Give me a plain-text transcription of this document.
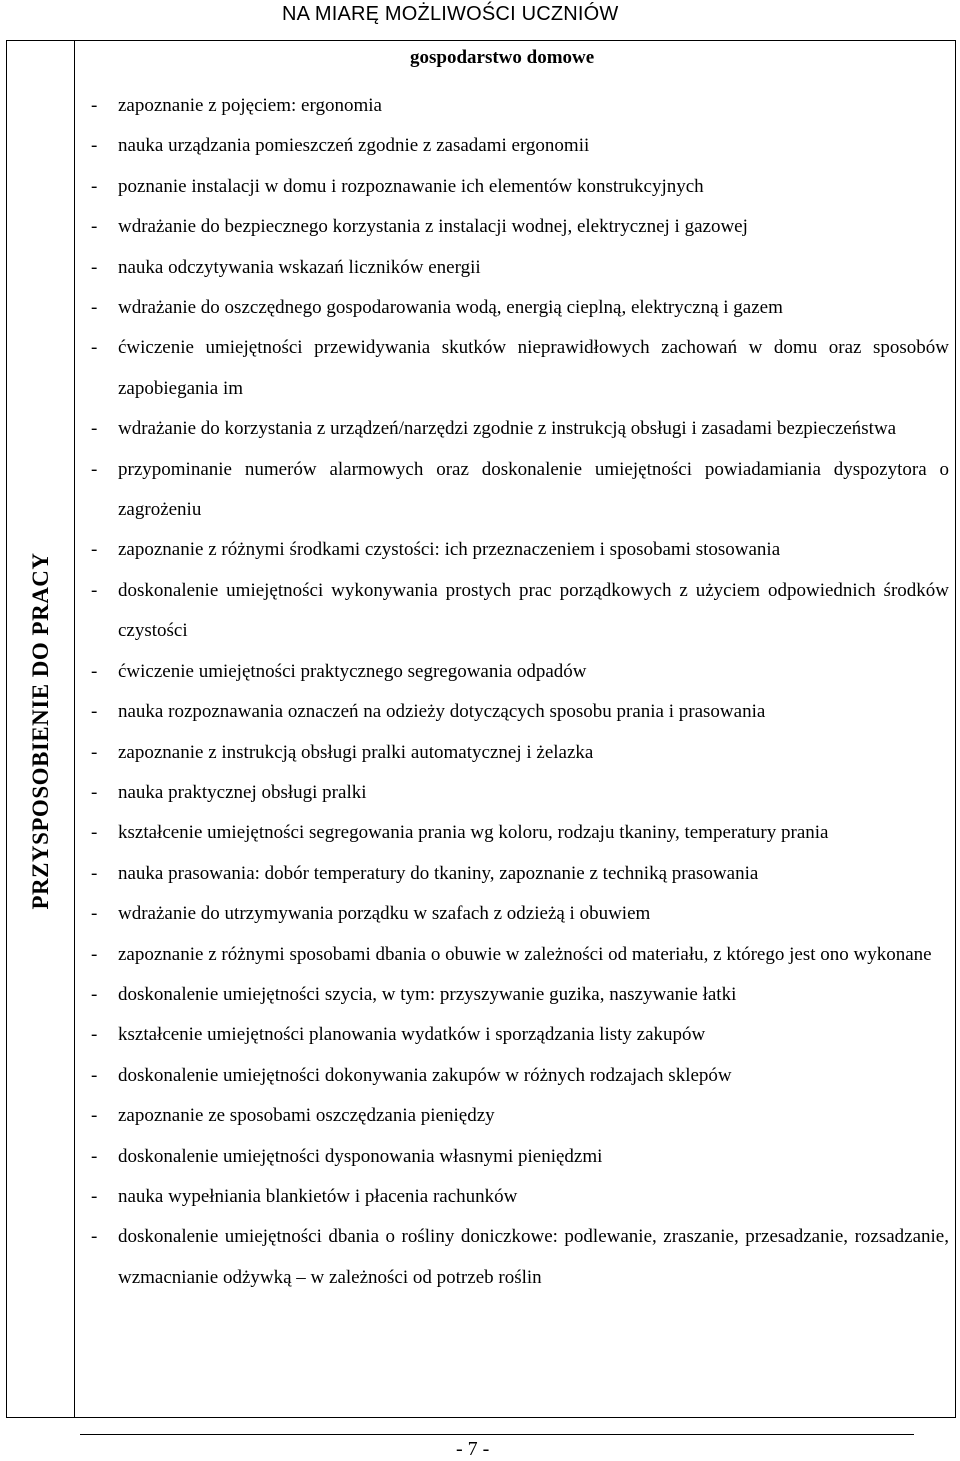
NA MIARĘ MOŻLIWOŚCI UCZNIÓW
PRZYSPOSOBIENIE DO PRACY
gospodarstwo domowe
- zapoznanie z pojęciem: ergonomia
- nauka urządzania pomieszczeń zgodnie z zasadami ergonomii
- poznanie instalacji w domu i rozpoznawanie ich elementów konstrukcyjnych
- wdrażanie do bezpiecznego korzystania z instalacji wodnej, elektrycznej i gazowej
- nauka odczytywania wskazań liczników energii
- wdrażanie do oszczędnego gospodarowania wodą, energią cieplną, elektryczną i gazem
- ćwiczenie umiejętności przewidywania skutków nieprawidłowych zachowań w domu oraz sposobów zapobiegania im
- wdrażanie do korzystania z urządzeń/narzędzi zgodnie z instrukcją obsługi i zasadami bezpieczeństwa
- przypominanie numerów alarmowych oraz doskonalenie umiejętności powiadamiania dyspozytora o zagrożeniu
- zapoznanie z różnymi środkami czystości: ich przeznaczeniem i sposobami stosowania
- doskonalenie umiejętności wykonywania prostych prac porządkowych z użyciem odpowiednich środków czystości
- ćwiczenie umiejętności praktycznego segregowania odpadów
- nauka rozpoznawania oznaczeń na odzieży dotyczących sposobu prania i prasowania
- zapoznanie z instrukcją obsługi pralki automatycznej i żelazka
- nauka praktycznej obsługi pralki
- kształcenie umiejętności segregowania prania wg koloru, rodzaju tkaniny, temperatury prania
- nauka prasowania: dobór temperatury do tkaniny, zapoznanie z techniką prasowania
- wdrażanie do utrzymywania porządku w szafach z odzieżą i obuwiem
- zapoznanie z różnymi sposobami dbania o obuwie w zależności od materiału, z którego jest ono wykonane
- doskonalenie umiejętności szycia, w tym: przyszywanie guzika, naszywanie łatki
- kształcenie umiejętności planowania wydatków i sporządzania listy zakupów
- doskonalenie umiejętności dokonywania zakupów w różnych rodzajach sklepów
- zapoznanie ze sposobami oszczędzania pieniędzy
- doskonalenie umiejętności dysponowania własnymi pieniędzmi
- nauka wypełniania blankietów i płacenia rachunków
- doskonalenie umiejętności dbania o rośliny doniczkowe: podlewanie, zraszanie, przesadzanie, rozsadzanie, wzmacnianie odżywką – w zależności od potrzeb roślin
- 7 -
